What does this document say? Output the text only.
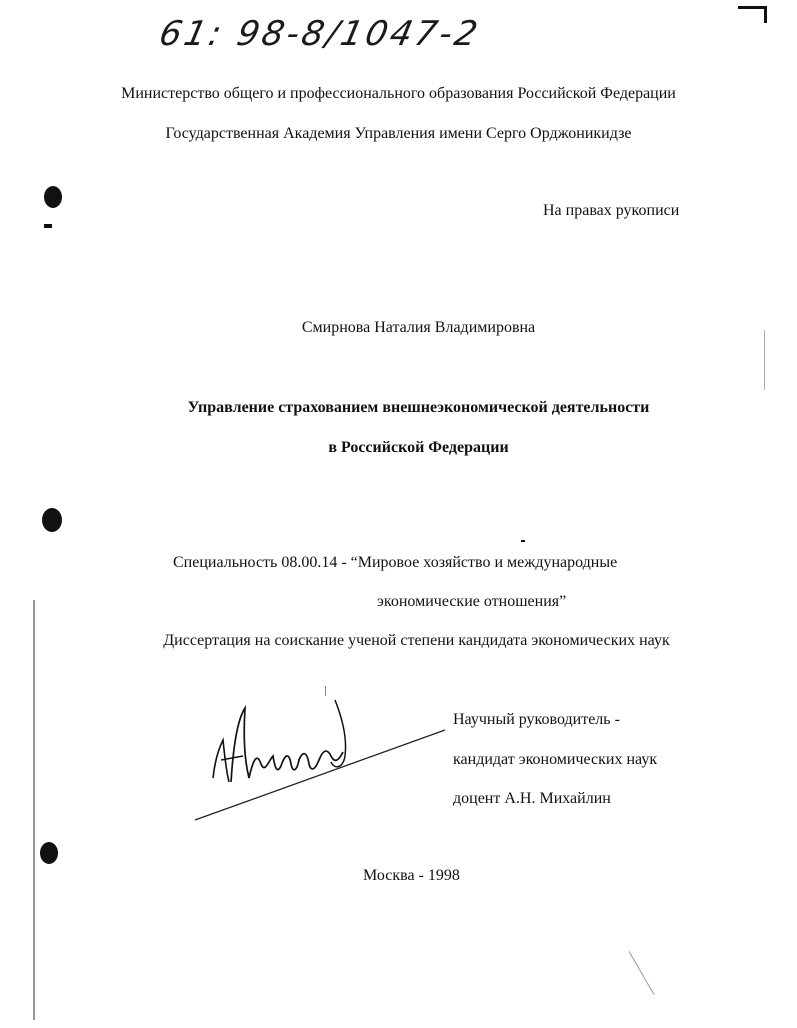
61: 98-8/1047-2
Министерство общего и профессионального образования Российской Федерации
Государственная Академия Управления имени Серго Орджоникидзе
На правах рукописи
Смирнова Наталия Владимировна
Управление страхованием внешнеэкономической деятельности
в Российской Федерации
Специальность 08.00.14 - “Мировое хозяйство и международные
экономические отношения”
Диссертация на соискание ученой степени кандидата экономических наук
Научный руководитель -
кандидат экономических наук
доцент А.Н. Михайлин
Москва - 1998
